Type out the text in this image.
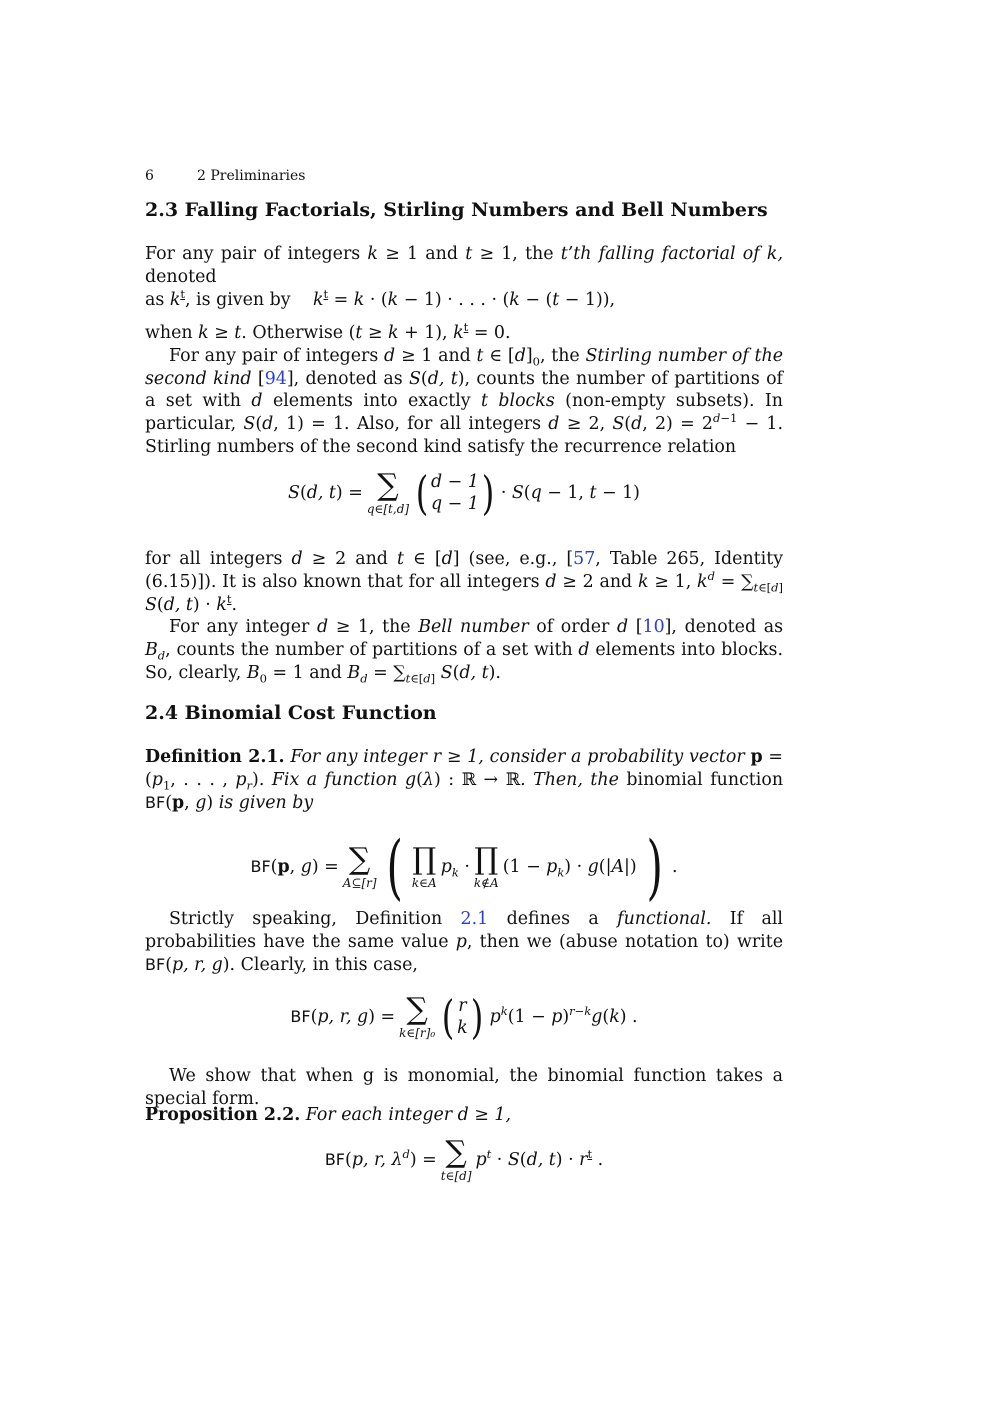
6	2 Preliminaries
2.3 Falling Factorials, Stirling Numbers and Bell Numbers

For any pair of integers k ≥ 1 and t ≥ 1, the t’th falling factorial of k, denoted
as $k^t$, is given by	$k^t = k \cdot (k - 1)$ · . . . · (k − (t − 1)),

when k ≥ t. Otherwise (t ≥ k + 1), $k^t = 0$.

For any pair of integers d ≥ 1 and t ∈ $[d]_0$, the Stirling number of the second kind [94], denoted as S(d, t), counts the number of partitions of a set with d elements into exactly t blocks (non-empty subsets). In particular, S(d, 1) = 1. Also, for all integers d ≥ 2, S(d, $2) = 2^{d-1} - 1$. Stirling numbers of the second kind satisfy the recurrence relation

S(d, t) = ∑
q∈[t,d] ( d − 1
q − 1 ) · S(q − 1, t − 1)

for all integers d ≥ 2 and t ∈ [d] (see, e.g., [57, Table 265, Identity (6.15)]). It is also known that for all integers d ≥ 2 and k ≥ 1, $k^d = \sum_{t\in[d]}$ S(d, $t) \cdot k^t$.

For any integer d ≥ 1, the Bell number of order d [10], denoted as $B_d$, counts the number of partitions of a set with d elements into blocks. So, clearly, $B_0 = 1$ and $B_d = \sum_{t\in[d]}$ S(d, t).

2.4 Binomial Cost Function

Definition 2.1. For any integer r ≥ 1, consider a probability vector $p = (p_1$, . . . , $p_r$). Fix a function g(λ) : ℝ → ℝ. Then, the binomial function BF(p, g) is given by

BF(p, g) = ∑
A⊆[r] ( ∏
k∈A
$p_k$ · ∏
k∉A
$(1 - p_k) \cdot g(|A|)$ ) .

Strictly speaking, Definition 2.1 defines a functional. If all probabilities have the same value p, then we (abuse notation to) write BF(p, r, g). Clearly, in this case,

BF(p, r, g) = ∑
k∈[r]₀ ( r
k ) $p^k(1 - p)^{r-k}g(k)$ .

We show that when g is monomial, the binomial function takes a special form.

Proposition 2.2. For each integer d ≥ 1,

BF(p, r, $\lambda^d$) = ∑
t∈[d]
$p^t \cdot S(d$, $t) \cdot r^t$ .
